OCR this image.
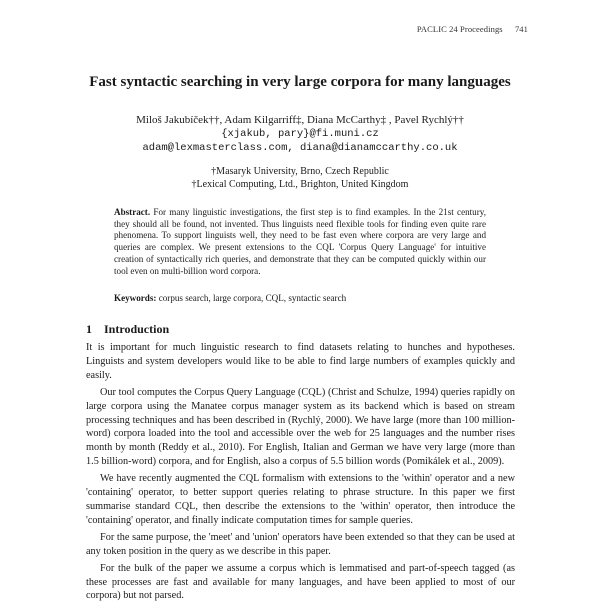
PACLIC 24 Proceedings 741
Fast syntactic searching in very large corpora for many languages
Miloš Jakubíček††, Adam Kilgarriff‡, Diana McCarthy‡ , Pavel Rychlý††
{xjakub, pary}@fi.muni.cz
adam@lexmasterclass.com, diana@dianamccarthy.co.uk
†Masaryk University, Brno, Czech Republic
†Lexical Computing, Ltd., Brighton, United Kingdom
Abstract. For many linguistic investigations, the first step is to find examples. In the 21st century, they should all be found, not invented. Thus linguists need flexible tools for finding even quite rare phenomena. To support linguists well, they need to be fast even where corpora are very large and queries are complex. We present extensions to the CQL 'Corpus Query Language' for intuitive creation of syntactically rich queries, and demonstrate that they can be computed quickly within our tool even on multi-billion word corpora.
Keywords: corpus search, large corpora, CQL, syntactic search
1 Introduction

It is important for much linguistic research to find datasets relating to hunches and hypotheses. Linguists and system developers would like to be able to find large numbers of examples quickly and easily.

Our tool computes the Corpus Query Language (CQL) (Christ and Schulze, 1994) queries rapidly on large corpora using the Manatee corpus manager system as its backend which is based on stream processing techniques and has been described in (Rychlý, 2000). We have large (more than 100 million-word) corpora loaded into the tool and accessible over the web for 25 languages and the number rises month by month (Reddy et al., 2010). For English, Italian and German we have very large (more than 1.5 billion-word) corpora, and for English, also a corpus of 5.5 billion words (Pomikálek et al., 2009).

We have recently augmented the CQL formalism with extensions to the 'within' operator and a new 'containing' operator, to better support queries relating to phrase structure. In this paper we first summarise standard CQL, then describe the extensions to the 'within' operator, then introduce the 'containing' operator, and finally indicate computation times for sample queries.

For the same purpose, the 'meet' and 'union' operators have been extended so that they can be used at any token position in the query as we describe in this paper.

For the bulk of the paper we assume a corpus which is lemmatised and part-of-speech tagged (as these processes are fast and available for many languages, and have been applied to most of our corpora) but not parsed.
